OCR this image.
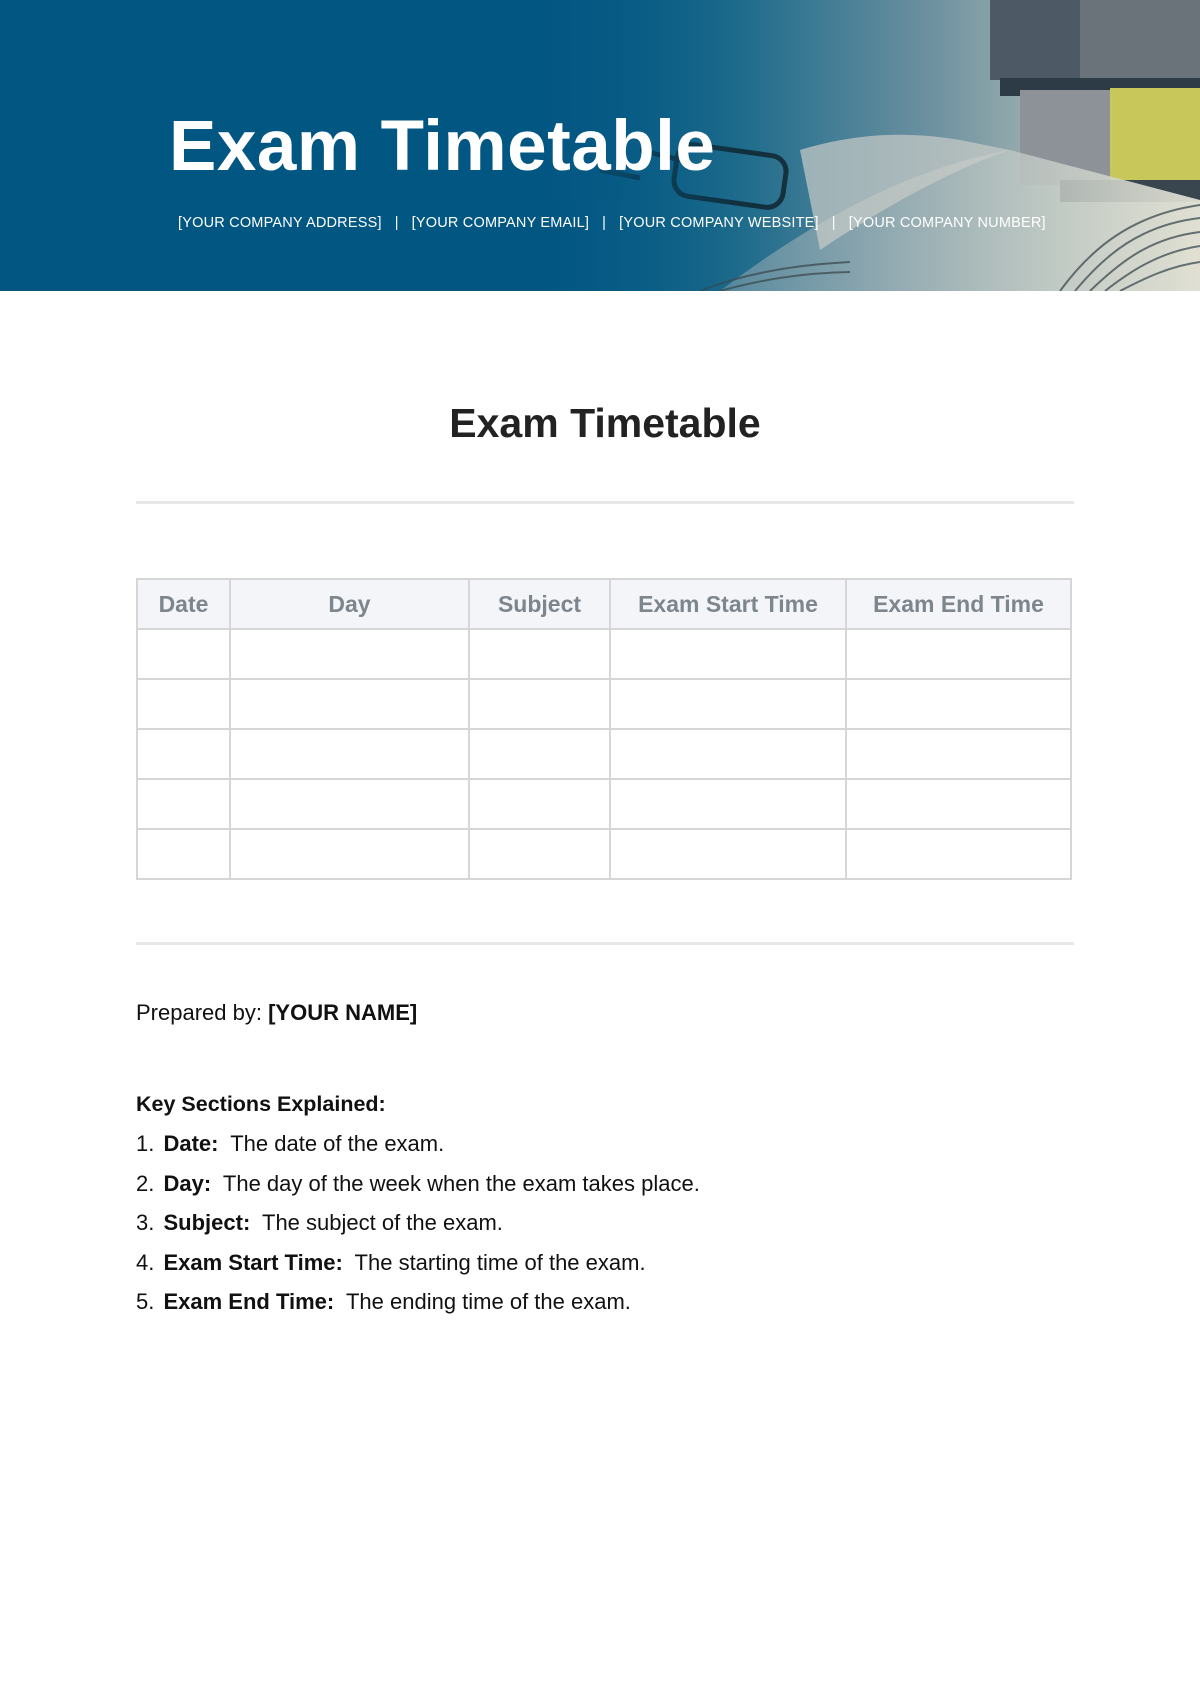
Exam Timetable
[YOUR COMPANY ADDRESS] | [YOUR COMPANY EMAIL] | [YOUR COMPANY WEBSITE] | [YOUR COMPANY NUMBER]
Exam Timetable
Date	Day	Subject	Exam Start Time	Exam End Time

Prepared by: [YOUR NAME]
Key Sections Explained:
1. Date: The date of the exam.
2. Day: The day of the week when the exam takes place.
3. Subject: The subject of the exam.
4. Exam Start Time: The starting time of the exam.
5. Exam End Time: The ending time of the exam.
